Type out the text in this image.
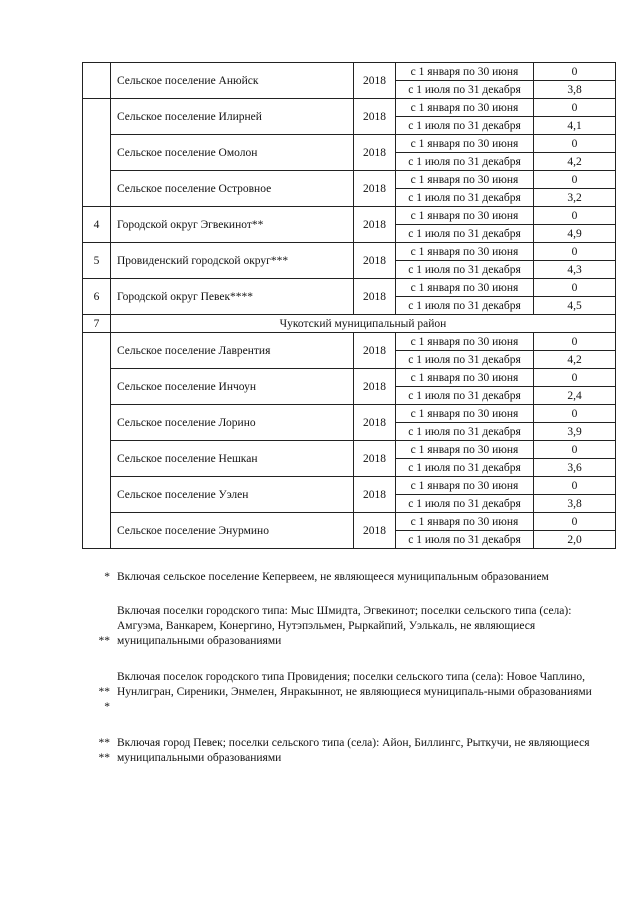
	Сельское поселение Анюйск	2018	с 1 января по 30 июня	0
			с 1 июля по 31 декабря	3,8
	Сельское поселение Илирней	2018	с 1 января по 30 июня	0
			с 1 июля по 31 декабря	4,1
	Сельское поселение Омолон	2018	с 1 января по 30 июня	0
			с 1 июля по 31 декабря	4,2
	Сельское поселение Островное	2018	с 1 января по 30 июня	0
			с 1 июля по 31 декабря	3,2
4	Городской округ Эгвекинот**	2018	с 1 января по 30 июня	0
			с 1 июля по 31 декабря	4,9
5	Провиденский городской округ***	2018	с 1 января по 30 июня	0
			с 1 июля по 31 декабря	4,3
6	Городской округ Певек****	2018	с 1 января по 30 июня	0
			с 1 июля по 31 декабря	4,5
7	Чукотский муниципальный район			
	Сельское поселение Лаврентия	2018	с 1 января по 30 июня	0
			с 1 июля по 31 декабря	4,2
	Сельское поселение Инчоун	2018	с 1 января по 30 июня	0
			с 1 июля по 31 декабря	2,4
	Сельское поселение Лорино	2018	с 1 января по 30 июня	0
			с 1 июля по 31 декабря	3,9
	Сельское поселение Нешкан	2018	с 1 января по 30 июня	0
			с 1 июля по 31 декабря	3,6
	Сельское поселение Уэлен	2018	с 1 января по 30 июня	0
			с 1 июля по 31 декабря	3,8
	Сельское поселение Энурмино	2018	с 1 января по 30 июня	0
			с 1 июля по 31 декабря	2,0
* Включая сельское поселение Кепервеем, не являющееся муниципальным образованием
**
Включая поселки городского типа: Мыс Шмидта, Эгвекинот; поселки сельского типа (села): Амгуэма, Ванкарем, Конергино, Нутэпэльмен, Рыркайпий, Уэлькаль, не являющиеся муниципальными образованиями
**
*
Включая поселок городского типа Провидения; поселки сельского типа (села): Новое Чаплино, Нунлигран, Сиреники, Энмелен, Янракыннот, не являющиеся муниципаль-ными образованиями
**
**
Включая город Певек; поселки сельского типа (села): Айон, Биллингс, Рыткучи, не являющиеся муниципальными образованиями
